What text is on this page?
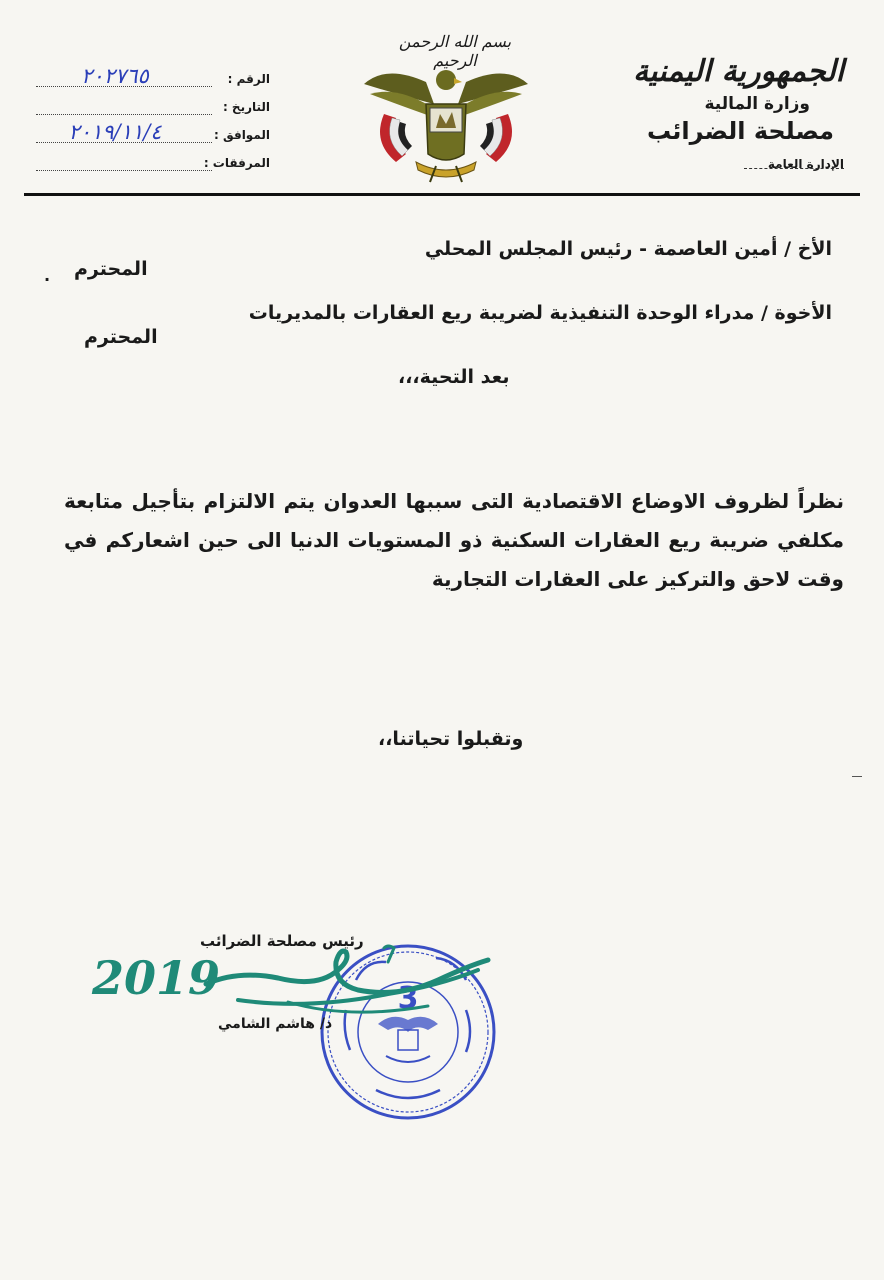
الجمهورية اليمنية
وزارة المالية
مصلحة الضرائب
الإدارة العامة
بسم الله الرحمن الرحيم
الرقم :
۲٠٢٧٦٥
التاريخ :
الموافق :
٢٠١٩/١١/٤
المرفقات :
الأخ / أمين العاصمة - رئيس المجلس المحلي
المحترم
.
الأخوة / مدراء الوحدة التنفيذية لضريبة ريع العقارات بالمديريات
المحترم
بعد التحية،،،
نظراً لظروف الاوضاع الاقتصادية التى سببها العدوان يتم الالتزام بتأجيل متابعة مكلفي ضريبة ريع العقارات السكنية ذو المستويات الدنيا الى حين اشعاركم في وقت لاحق والتركيز على العقارات التجارية
وتقبلوا تحياتنا،،
3
رئيس مصلحة الضرائب
د/ هاشم الشامي
2019
